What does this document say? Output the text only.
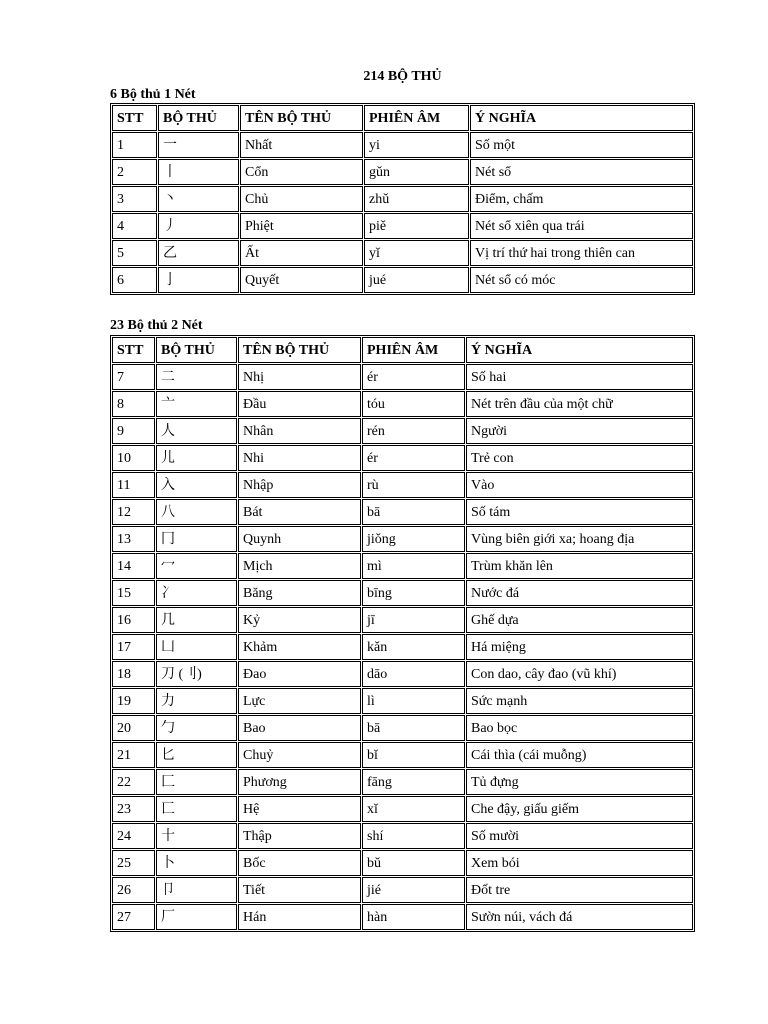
214 BỘ THỦ
6 Bộ thủ 1 Nét
STT	BỘ THỦ	TÊN BỘ THỦ	PHIÊN ÂM	Ý NGHĨA
1	一	Nhất	yi	Số một
2	丨	Cổn	gǔn	Nét sổ
3	丶	Chủ	zhǔ	Điểm, chấm
4	丿	Phiệt	piě	Nét sổ xiên qua trái
5	乙	Ất	yǐ	Vị trí thứ hai trong thiên can
6	亅	Quyết	jué	Nét sổ có móc
23 Bộ thủ 2 Nét
STT	BỘ THỦ	TÊN BỘ THỦ	PHIÊN ÂM	Ý NGHĨA
7	二	Nhị	ér	Số hai
8	亠	Đầu	tóu	Nét trên đầu của một chữ
9	人	Nhân	rén	Người
10	儿	Nhi	ér	Trẻ con
11	入	Nhập	rù	Vào
12	八	Bát	bā	Số tám
13	冂	Quynh	jiǒng	Vùng biên giới xa; hoang địa
14	冖	Mịch	mì	Trùm khăn lên
15	冫	Băng	bīng	Nước đá
16	几	Kỷ	jī	Ghế dựa
17	凵	Khảm	kǎn	Há miệng
18	刀 (刂)	Đao	dāo	Con dao, cây đao (vũ khí)
19	力	Lực	lì	Sức mạnh
20	勹	Bao	bā	Bao bọc
21	匕	Chuỷ	bǐ	Cái thìa (cái muỗng)
22	匚	Phương	fāng	Tủ đựng
23	匸	Hệ	xǐ	Che đậy, giấu giếm
24	十	Thập	shí	Số mười
25	卜	Bốc	bǔ	Xem bói
26	卩	Tiết	jié	Đốt tre
27	厂	Hán	hàn	Sườn núi, vách đá
